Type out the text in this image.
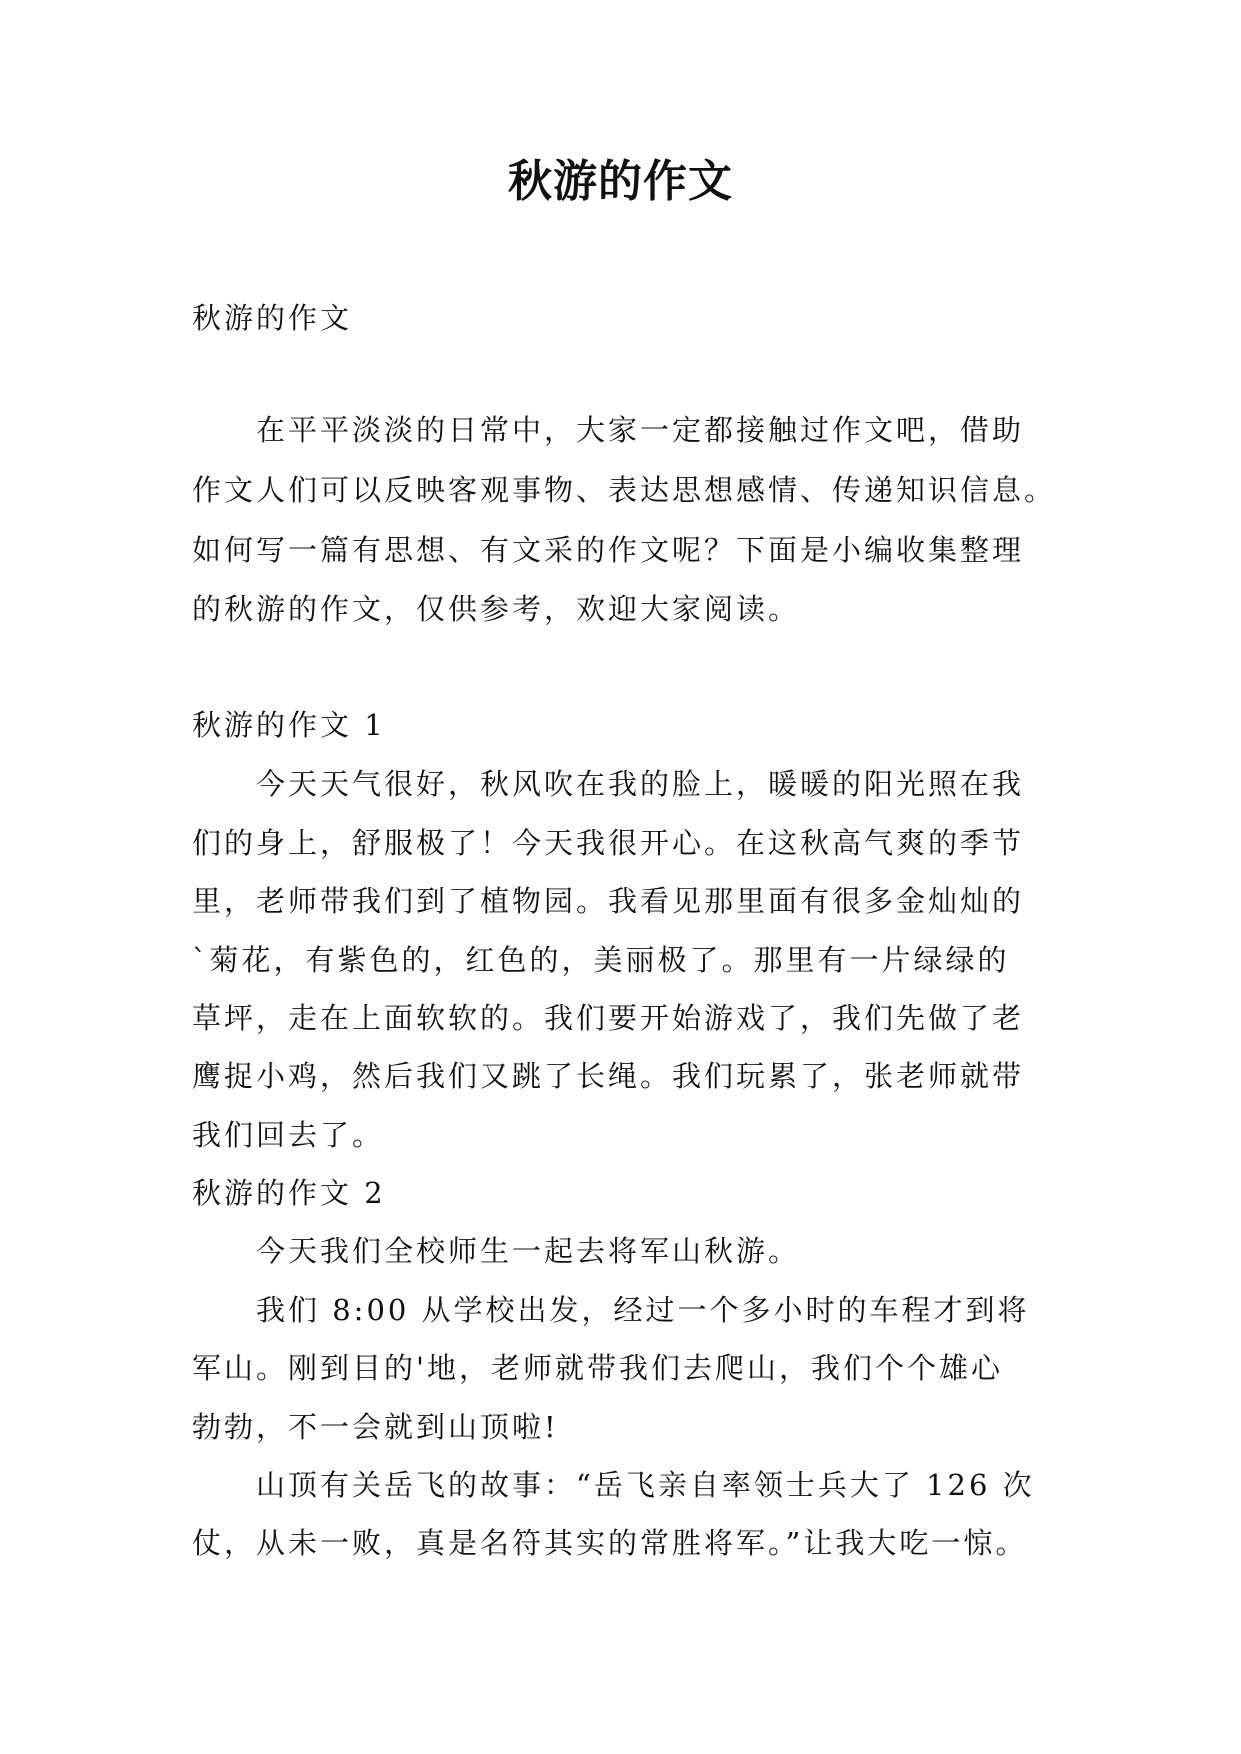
秋游的作文
秋游的作文
在平平淡淡的日常中，大家一定都接触过作文吧，借助
作文人们可以反映客观事物、表达思想感情、传递知识信息。
如何写一篇有思想、有文采的作文呢？下面是小编收集整理
的秋游的作文，仅供参考，欢迎大家阅读。
秋游的作文 1
今天天气很好，秋风吹在我的脸上，暖暖的阳光照在我
们的身上，舒服极了！今天我很开心。在这秋高气爽的季节
里，老师带我们到了植物园。我看见那里面有很多金灿灿的
`菊花，有紫色的，红色的，美丽极了。那里有一片绿绿的
草坪，走在上面软软的。我们要开始游戏了，我们先做了老
鹰捉小鸡，然后我们又跳了长绳。我们玩累了，张老师就带
我们回去了。
秋游的作文 2
今天我们全校师生一起去将军山秋游。
我们 8:00 从学校出发，经过一个多小时的车程才到将
军山。刚到目的'地，老师就带我们去爬山，我们个个雄心
勃勃，不一会就到山顶啦!
山顶有关岳飞的故事：“岳飞亲自率领士兵大了 126 次
仗，从未一败，真是名符其实的常胜将军。”让我大吃一惊。
